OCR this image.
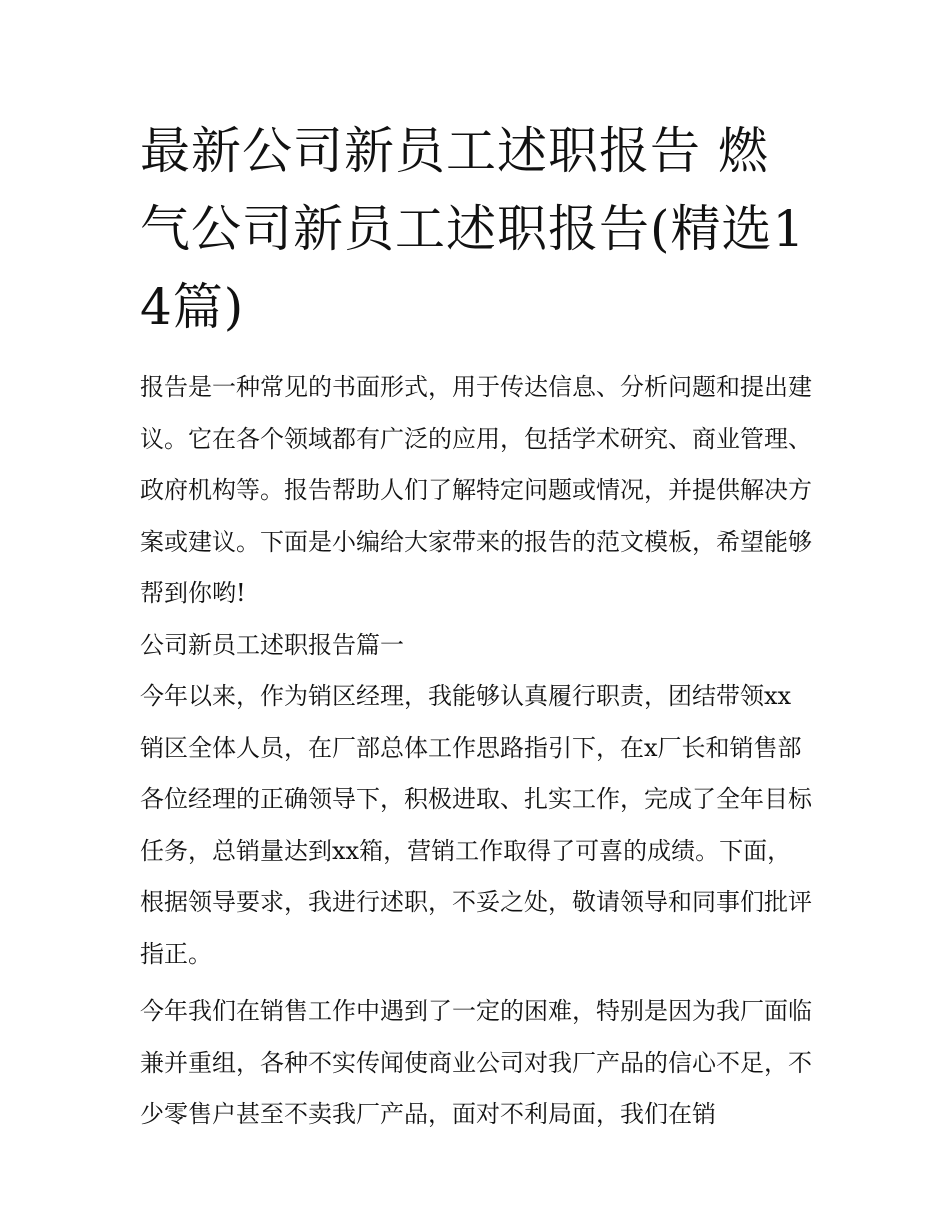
最新公司新员工述职报告 燃气公司新员工述职报告(精选14篇)

报告是一种常见的书面形式，用于传达信息、分析问题和提出建议。它在各个领域都有广泛的应用，包括学术研究、商业管理、政府机构等。报告帮助人们了解特定问题或情况，并提供解决方案或建议。下面是小编给大家带来的报告的范文模板，希望能够帮到你哟!

公司新员工述职报告篇一

今年以来，作为销区经理，我能够认真履行职责，团结带领xx销区全体人员，在厂部总体工作思路指引下，在x厂长和销售部各位经理的正确领导下，积极进取、扎实工作，完成了全年目标任务，总销量达到xx箱，营销工作取得了可喜的成绩。下面，根据领导要求，我进行述职，不妥之处，敬请领导和同事们批评指正。

今年我们在销售工作中遇到了一定的困难，特别是因为我厂面临兼并重组，各种不实传闻使商业公司对我厂产品的信心不足，不少零售户甚至不卖我厂产品，面对不利局面，我们在销
